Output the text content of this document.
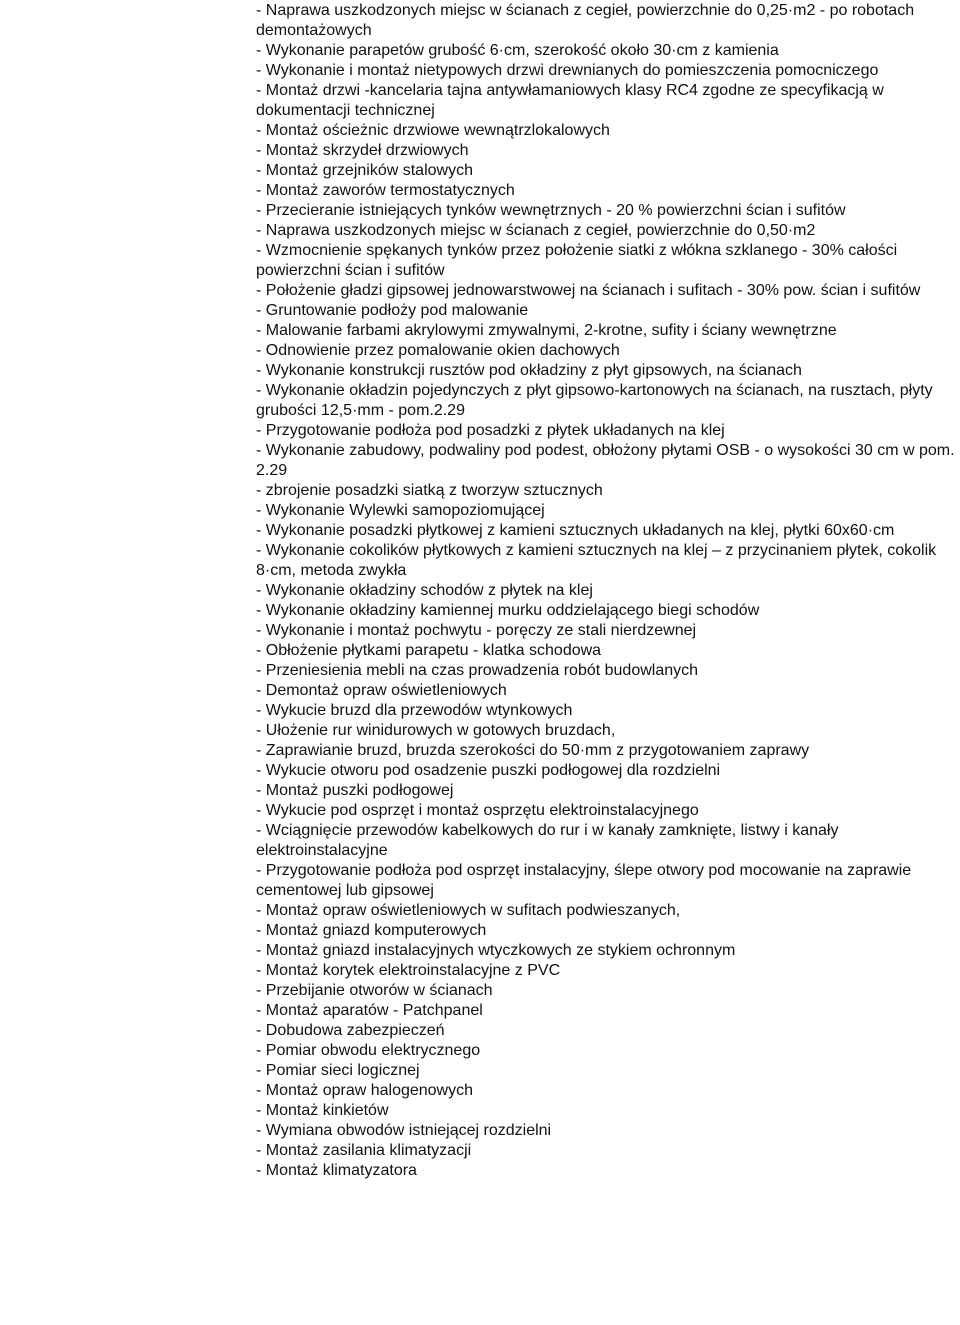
- Naprawa uszkodzonych miejsc w ścianach z cegieł, powierzchnie do 0,25·m2 - po robotach demontażowych
- Wykonanie parapetów grubość 6·cm, szerokość około 30·cm z kamienia
- Wykonanie i montaż nietypowych drzwi drewnianych do pomieszczenia pomocniczego
- Montaż drzwi -kancelaria tajna antywłamaniowych klasy RC4 zgodne ze specyfikacją w dokumentacji technicznej
- Montaż ościeżnic drzwiowe wewnątrzlokalowych
- Montaż skrzydeł drzwiowych
- Montaż grzejników stalowych
- Montaż zaworów termostatycznych
- Przecieranie istniejących tynków wewnętrznych - 20 % powierzchni ścian i sufitów
- Naprawa uszkodzonych miejsc w ścianach z cegieł, powierzchnie do 0,50·m2
- Wzmocnienie spękanych tynków przez położenie siatki z włókna szklanego - 30% całości powierzchni ścian i sufitów
- Położenie gładzi gipsowej jednowarstwowej na ścianach i sufitach - 30% pow. ścian i sufitów
- Gruntowanie podłoży pod malowanie
- Malowanie farbami akrylowymi zmywalnymi, 2-krotne, sufity i ściany wewnętrzne
- Odnowienie przez pomalowanie okien dachowych
- Wykonanie konstrukcji rusztów pod okładziny z płyt gipsowych, na ścianach
- Wykonanie okładzin pojedynczych z płyt gipsowo-kartonowych na ścianach, na rusztach, płyty grubości 12,5·mm - pom.2.29
- Przygotowanie podłoża pod posadzki z płytek układanych na klej
- Wykonanie zabudowy, podwaliny pod podest, obłożony płytami OSB - o wysokości 30 cm w pom. 2.29
- zbrojenie posadzki siatką z tworzyw sztucznych
- Wykonanie Wylewki samopoziomującej
- Wykonanie posadzki płytkowej z kamieni sztucznych układanych na klej, płytki 60x60·cm
- Wykonanie cokolików płytkowych z kamieni sztucznych na klej – z przycinaniem płytek, cokolik 8·cm, metoda zwykła
- Wykonanie okładziny schodów z płytek na klej
- Wykonanie okładziny kamiennej murku oddzielającego biegi schodów
- Wykonanie i montaż pochwytu - poręczy ze stali nierdzewnej
- Obłożenie płytkami parapetu - klatka schodowa
- Przeniesienia mebli na czas prowadzenia robót budowlanych
- Demontaż opraw oświetleniowych
- Wykucie bruzd dla przewodów wtynkowych
- Ułożenie rur winidurowych w gotowych bruzdach,
- Zaprawianie bruzd, bruzda szerokości do 50·mm z przygotowaniem zaprawy
- Wykucie otworu pod osadzenie puszki podłogowej dla rozdzielni
- Montaż puszki podłogowej
- Wykucie pod osprzęt i montaż osprzętu elektroinstalacyjnego
- Wciągnięcie przewodów kabelkowych do rur i w kanały zamknięte, listwy i kanały elektroinstalacyjne
- Przygotowanie podłoża pod osprzęt instalacyjny, ślepe otwory pod mocowanie na zaprawie cementowej lub gipsowej
- Montaż opraw oświetleniowych w sufitach podwieszanych,
- Montaż gniazd komputerowych
- Montaż gniazd instalacyjnych wtyczkowych ze stykiem ochronnym
- Montaż korytek elektroinstalacyjne z PVC
- Przebijanie otworów w ścianach
- Montaż aparatów - Patchpanel
- Dobudowa zabezpieczeń
- Pomiar obwodu elektrycznego
- Pomiar sieci logicznej
- Montaż opraw halogenowych
- Montaż kinkietów
- Wymiana obwodów istniejącej rozdzielni
- Montaż zasilania klimatyzacji
- Montaż klimatyzatora
